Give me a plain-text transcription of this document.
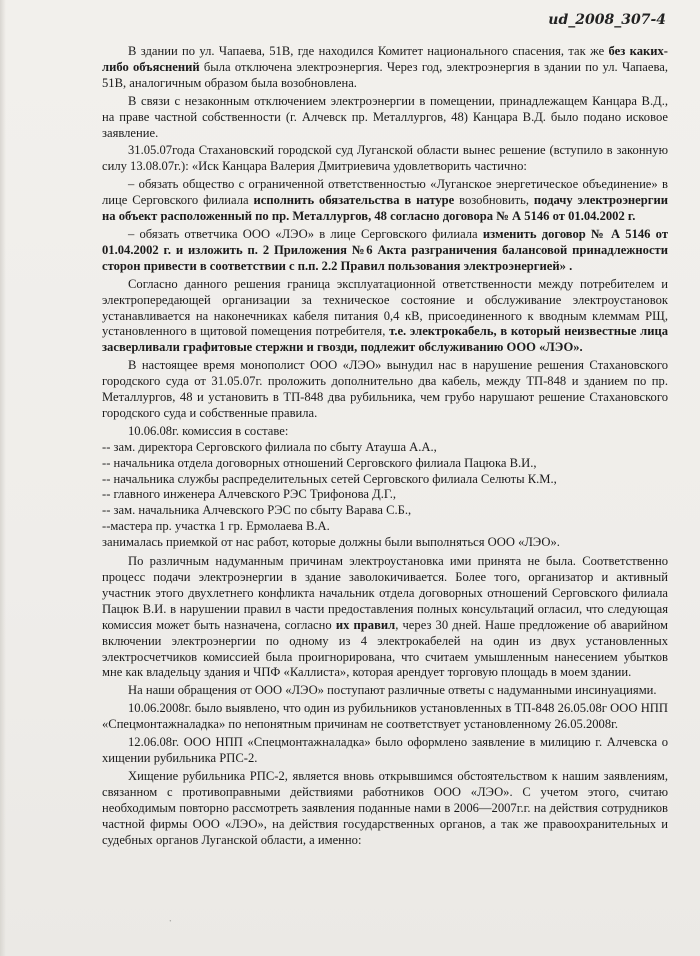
ud_2008_307-4

В здании по ул. Чапаева, 51В, где находился Комитет национального спасения, так же без каких-либо объяснений была отключена электроэнергия. Через год, электроэнергия в здании по ул. Чапаева, 51В, аналогичным образом была возобновлена.

В связи с незаконным отключением электроэнергии в помещении, принадлежащем Канцара В.Д., на праве частной собственности (г. Алчевск пр. Металлургов, 48) Канцара В.Д. было подано исковое заявление.

31.05.07года Стахановский городской суд Луганской области вынес решение (вступило в законную силу 13.08.07г.): «Иск Канцара Валерия Дмитриевича удовлетворить частично:

– обязать общество с ограниченной ответственностью «Луганское энергетическое объединение» в лице Серговского филиала исполнить обязательства в натуре возобновить, подачу электроэнергии на объект расположенный по пр. Металлургов, 48 согласно договора № А 5146 от 01.04.2002 г.

– обязать ответчика ООО «ЛЭО» в лице Серговского филиала изменить договор № А 5146 от 01.04.2002 г. и изложить п. 2 Приложения №6 Акта разграничения балансовой принадлежности сторон привести в соответствии с п.п. 2.2 Правил пользования электроэнергией» .

Согласно данного решения граница эксплуатационной ответственности между потребителем и электропередающей организации за техническое состояние и обслуживание электроустановок устанавливается на наконечниках кабеля питания 0,4 кВ, присоединенного к вводным клеммам РЩ, установленного в щитовой помещения потребителя, т.е. электрокабель, в который неизвестные лица засверливали графитовые стержни и гвозди, подлежит обслуживанию ООО «ЛЭО».

В настоящее время монополист ООО «ЛЭО» вынудил нас в нарушение решения Стахановского городского суда от 31.05.07г. проложить дополнительно два кабель, между ТП-848 и зданием по пр. Металлургов, 48 и установить в ТП-848 два рубильника, чем грубо нарушают решение Стахановского городского суда и собственные правила.

10.06.08г. комиссия в составе:

-- зам. директора Серговского филиала по сбыту Атауша А.А.,
-- начальника отдела договорных отношений Серговского филиала Пацюка В.И.,
-- начальника службы распределительных сетей Серговского филиала Селюты К.М.,
-- главного инженера Алчевского РЭС Трифонова Д.Г.,
-- зам. начальника Алчевского РЭС по сбыту Варава С.Б.,
--мастера пр. участка 1 гр. Ермолаева В.А.

занималась приемкой от нас работ, которые должны были выполняться ООО «ЛЭО».

По различным надуманным причинам электроустановка ими принята не была. Соответственно процесс подачи электроэнергии в здание заволокичивается. Более того, организатор и активный участник этого двухлетнего конфликта начальник отдела договорных отношений Серговского филиала Пацюк В.И. в нарушении правил в части предоставления полных консультаций огласил, что следующая комиссия может быть назначена, согласно их правил, через 30 дней. Наше предложение об аварийном включении электроэнергии по одному из 4 электрокабелей на один из двух установленных электросчетчиков комиссией была проигнорирована, что считаем умышленным нанесением убытков мне как владельцу здания и ЧПФ «Каллиста», которая арендует торговую площадь в моем здании.

На наши обращения от ООО «ЛЭО» поступают различные ответы с надуманными инсинуациями.

10.06.2008г. было выявлено, что один из рубильников установленных в ТП-848 26.05.08г ООО НПП «Спецмонтажналадка» по непонятным причинам не соответствует установленному 26.05.2008г.

12.06.08г. ООО НПП «Спецмонтажналадка» было оформлено заявление в милицию г. Алчевска о хищении рубильника РПС-2.

Хищение рубильника РПС-2, является вновь открывшимся обстоятельством к нашим заявлениям, связанном с противоправными действиями работников ООО «ЛЭО». С учетом этого, считаю необходимым повторно рассмотреть заявления поданные нами в 2006—2007г.г. на действия сотрудников частной фирмы ООО «ЛЭО», на действия государственных органов, а так же правоохранительных и судебных органов Луганской области, а именно:

˙
